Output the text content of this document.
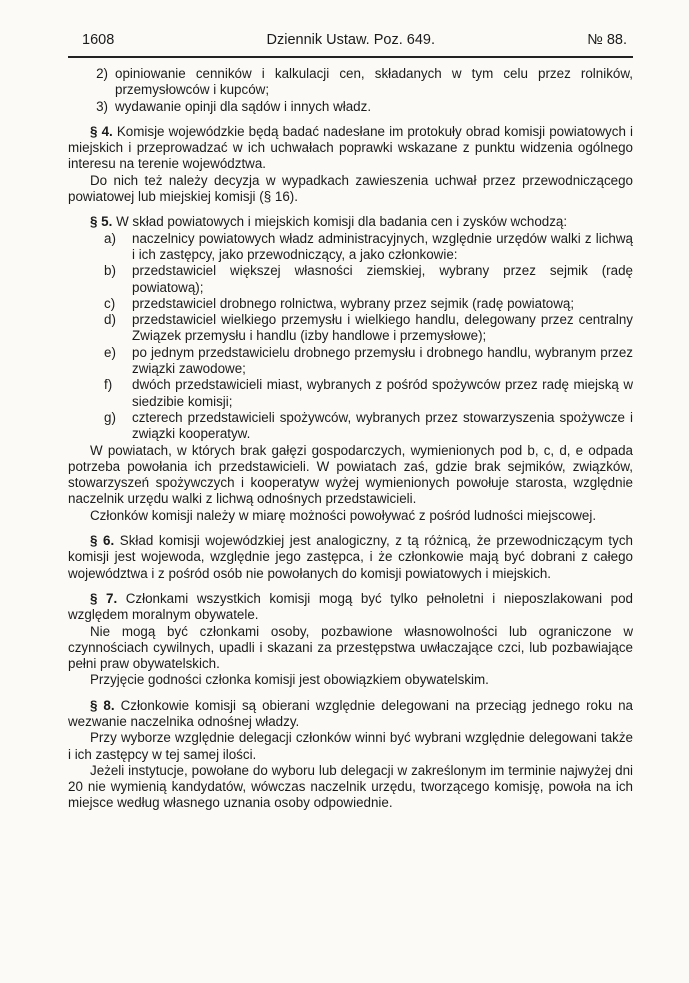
1608	Dziennik Ustaw. Poz. 649.	№ 88.
2) opiniowanie cenników i kalkulacji cen, składanych w tym celu przez rolników, przemysłowców i kupców;
3) wydawanie opinji dla sądów i innych władz.

§ 4. Komisje wojewódzkie będą badać nadesłane im protokuły obrad komisji powiatowych i miejskich i przeprowadzać w ich uchwałach poprawki wskazane z punktu widzenia ogólnego interesu na terenie województwa.

Do nich też należy decyzja w wypadkach zawieszenia uchwał przez przewodniczącego powiatowej lub miejskiej komisji (§ 16).

§ 5. W skład powiatowych i miejskich komisji dla badania cen i zysków wchodzą:

a)	naczelnicy powiatowych władz administracyjnych, względnie urzędów walki z lichwą i ich zastępcy, jako przewodniczący, a jako członkowie:
b)	przedstawiciel większej własności ziemskiej, wybrany przez sejmik (radę powiatową);
c)	przedstawiciel drobnego rolnictwa, wybrany przez sejmik (radę powiatową;
d)	przedstawiciel wielkiego przemysłu i wielkiego handlu, delegowany przez centralny Związek przemysłu i handlu (izby handlowe i przemysłowe);
e)	po jednym przedstawicielu drobnego przemysłu i drobnego handlu, wybranym przez związki zawodowe;
f)	dwóch przedstawicieli miast, wybranych z pośród spożywców przez radę miejską w siedzibie komisji;
g)	czterech przedstawicieli spożywców, wybranych przez stowarzyszenia spożywcze i związki kooperatyw.

W powiatach, w których brak gałęzi gospodarczych, wymienionych pod b, c, d, e odpada potrzeba powołania ich przedstawicieli. W powiatach zaś, gdzie brak sejmików, związków, stowarzyszeń spożywczych i kooperatyw wyżej wymienionych powołuje starosta, względnie naczelnik urzędu walki z lichwą odnośnych przedstawicieli.

Członków komisji należy w miarę możności powoływać z pośród ludności miejscowej.

§ 6. Skład komisji wojewódzkiej jest analogiczny, z tą różnicą, że przewodniczącym tych komisji jest wojewoda, względnie jego zastępca, i że członkowie mają być dobrani z całego województwa i z pośród osób nie powołanych do komisji powiatowych i miejskich.

§ 7. Członkami wszystkich komisji mogą być tylko pełnoletni i nieposzlakowani pod względem moralnym obywatele.

Nie mogą być członkami osoby, pozbawione własnowolności lub ograniczone w czynnościach cywilnych, upadli i skazani za przestępstwa uwłaczające czci, lub pozbawiające pełni praw obywatelskich.

Przyjęcie godności członka komisji jest obowiązkiem obywatelskim.

§ 8. Członkowie komisji są obierani względnie delegowani na przeciąg jednego roku na wezwanie naczelnika odnośnej władzy.

Przy wyborze względnie delegacji członków winni być wybrani względnie delegowani także i ich zastępcy w tej samej ilości.

Jeżeli instytucje, powołane do wyboru lub delegacji w zakreślonym im terminie najwyżej dni 20 nie wymienią kandydatów, wówczas naczelnik urzędu, tworzącego komisję, powoła na ich miejsce według własnego uznania osoby odpowiednie.
